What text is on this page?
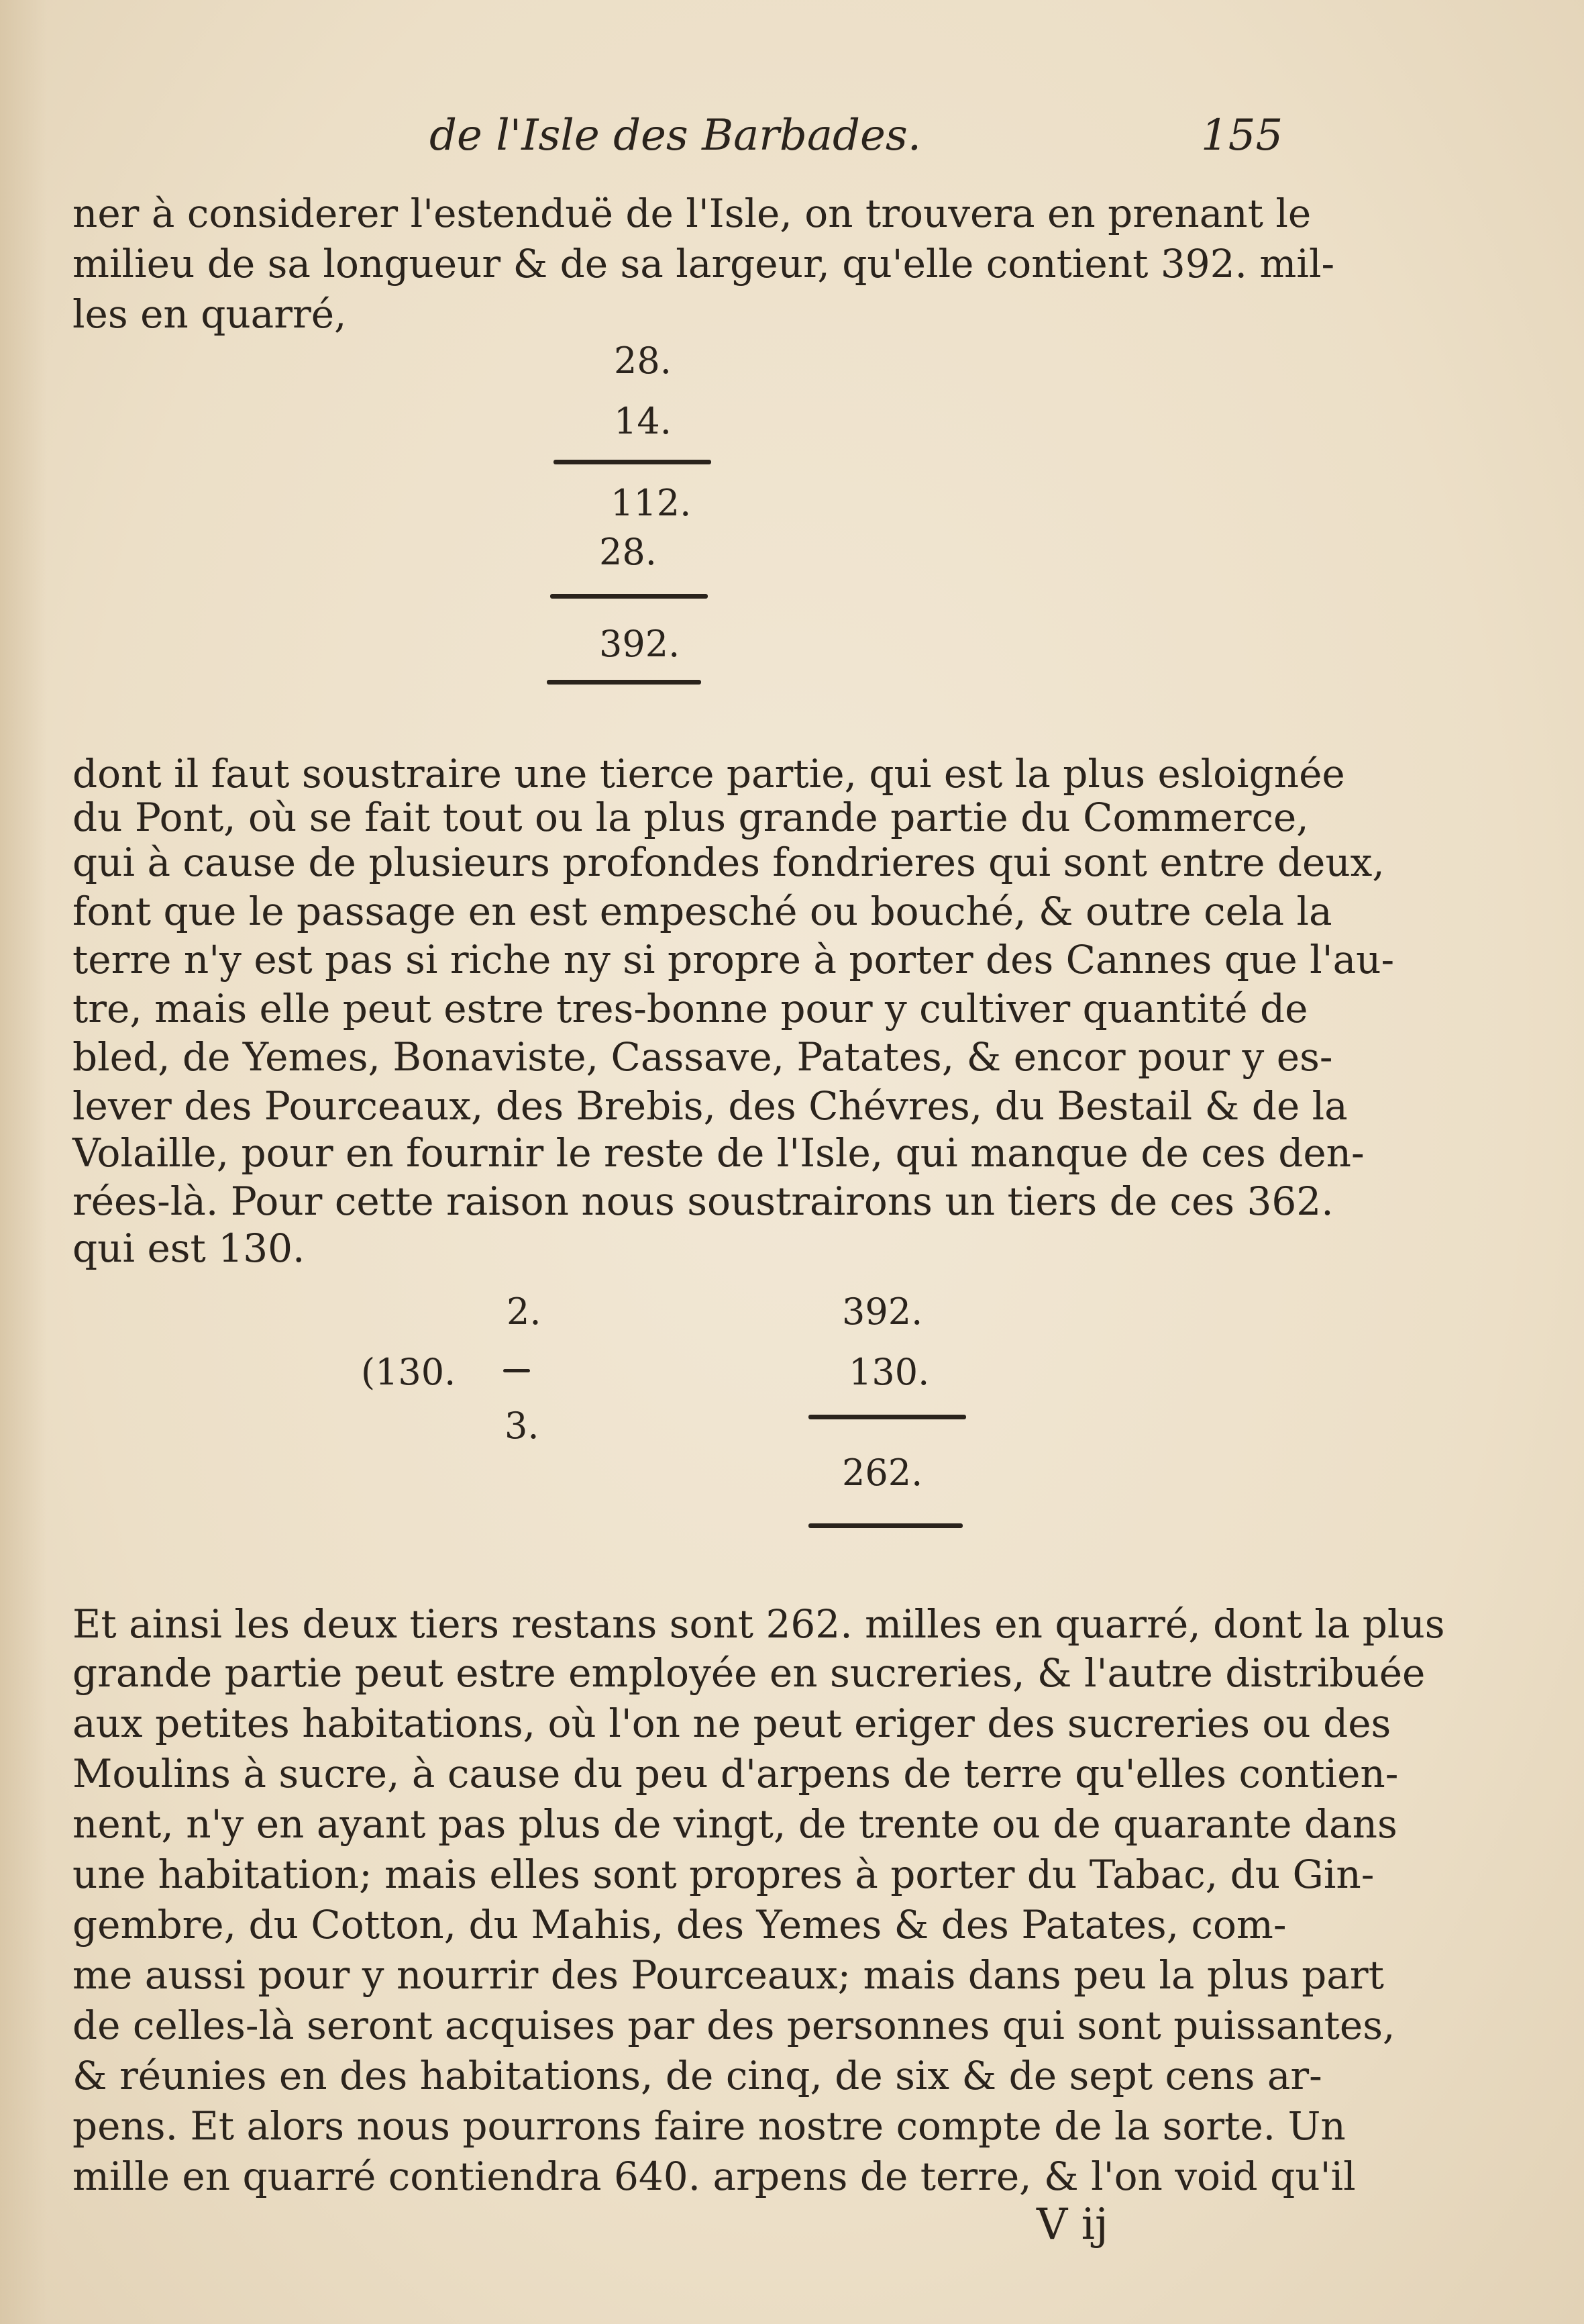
de l'Isle des Barbades.	155
ner à considerer l'estenduë de l'Isle, on trouvera en prenant le
milieu de sa longueur & de sa largeur, qu'elle contient 392. mil-
les en quarré,
28.
14.
112.
28.
392.
dont il faut soustraire une tierce partie, qui est la plus esloignée
du Pont, où se fait tout ou la plus grande partie du Commerce,
qui à cause de plusieurs profondes fondrieres qui sont entre deux,
font que le passage en est empesché ou bouché, & outre cela la
terre n'y est pas si riche ny si propre à porter des Cannes que l'au-
tre, mais elle peut estre tres-bonne pour y cultiver quantité de
bled, de Yemes, Bonaviste, Cassave, Patates, & encor pour y es-
lever des Pourceaux, des Brebis, des Chévres, du Bestail & de la
Volaille, pour en fournir le reste de l'Isle, qui manque de ces den-
rées-là. Pour cette raison nous soustrairons un tiers de ces 362.
qui est 130.
2.
(130.
3.
392.
130.
262.
Et ainsi les deux tiers restans sont 262. milles en quarré, dont la plus
grande partie peut estre employée en sucreries, & l'autre distribuée
aux petites habitations, où l'on ne peut eriger des sucreries ou des
Moulins à sucre, à cause du peu d'arpens de terre qu'elles contien-
nent, n'y en ayant pas plus de vingt, de trente ou de quarante dans
une habitation; mais elles sont propres à porter du Tabac, du Gin-
gembre, du Cotton, du Mahis, des Yemes & des Patates, com-
me aussi pour y nourrir des Pourceaux; mais dans peu la plus part
de celles-là seront acquises par des personnes qui sont puissantes,
& réunies en des habitations, de cinq, de six & de sept cens ar-
pens. Et alors nous pourrons faire nostre compte de la sorte. Un
mille en quarré contiendra 640. arpens de terre, & l'on void qu'il
V ij
